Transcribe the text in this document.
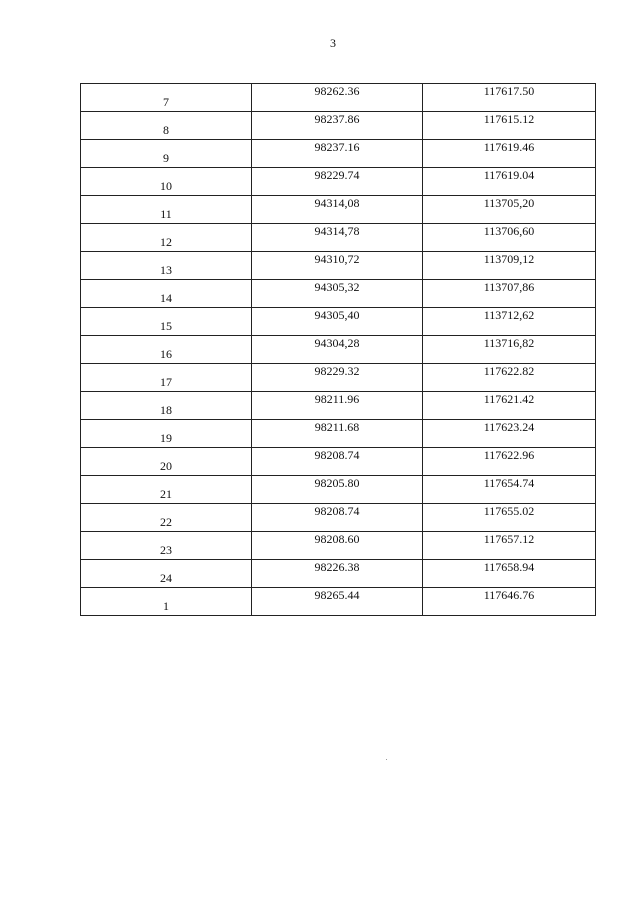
3
7	98262.36	117617.50
8	98237.86	117615.12
9	98237.16	117619.46
10	98229.74	117619.04
11	94314,08	113705,20
12	94314,78	113706,60
13	94310,72	113709,12
14	94305,32	113707,86
15	94305,40	113712,62
16	94304,28	113716,82
17	98229.32	117622.82
18	98211.96	117621.42
19	98211.68	117623.24
20	98208.74	117622.96
21	98205.80	117654.74
22	98208.74	117655.02
23	98208.60	117657.12
24	98226.38	117658.94
1	98265.44	117646.76
